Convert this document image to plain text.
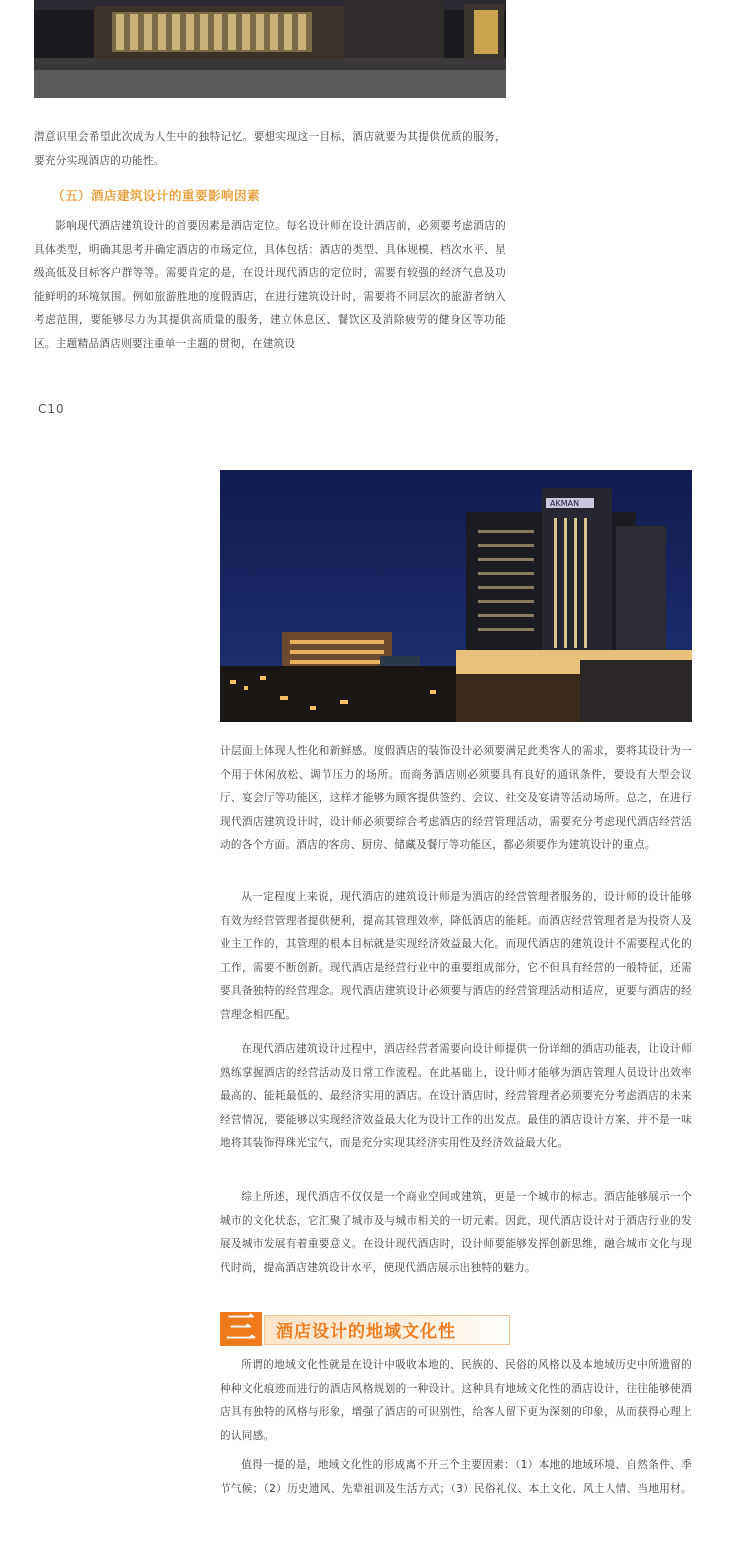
潜意识里会希望此次成为人生中的独特记忆。要想实现这一目标，酒店就要为其提供优质的服务，要充分实现酒店的功能性。

（五）酒店建筑设计的重要影响因素

影响现代酒店建筑设计的首要因素是酒店定位。每名设计师在设计酒店前，必须要考虑酒店的具体类型，明确其思考并确定酒店的市场定位，具体包括：酒店的类型、具体规模、档次水平、星级高低及目标客户群等等。需要肯定的是，在设计现代酒店的定位时，需要有较强的经济气息及功能鲜明的环境氛围。例如旅游胜地的度假酒店，在进行建筑设计时，需要将不同层次的旅游者纳入考虑范围，要能够尽力为其提供高质量的服务，建立休息区、餐饮区及消除疲劳的健身区等功能区。主题精品酒店则要注重单一主题的贯彻，在建筑设

C10
AKMAN

计层面上体现人性化和新鲜感。度假酒店的装饰设计必须要满足此类客人的需求，要将其设计为一个用于休闲放松、调节压力的场所。而商务酒店则必须要具有良好的通讯条件，要设有大型会议厅、宴会厅等功能区，这样才能够为顾客提供签约、会议、社交及宴请等活动场所。总之，在进行现代酒店建筑设计时，设计师必须要综合考虑酒店的经营管理活动，需要充分考虑现代酒店经营活动的各个方面。酒店的客房、厨房、储藏及餐厅等功能区，都必须要作为建筑设计的重点。

从一定程度上来说，现代酒店的建筑设计师是为酒店的经营管理者服务的，设计师的设计能够有效为经营管理者提供便利，提高其管理效率，降低酒店的能耗。而酒店经营管理者是为投资人及业主工作的，其管理的根本目标就是实现经济效益最大化。而现代酒店的建筑设计不需要程式化的工作，需要不断创新。现代酒店是经营行业中的重要组成部分，它不但具有经营的一般特征，还需要具备独特的经营理念。现代酒店建筑设计必须要与酒店的经营管理活动相适应，更要与酒店的经营理念相匹配。

在现代酒店建筑设计过程中，酒店经营者需要向设计师提供一份详细的酒店功能表，让设计师熟练掌握酒店的经营活动及日常工作流程。在此基础上，设计师才能够为酒店管理人员设计出效率最高的、能耗最低的、最经济实用的酒店。在设计酒店时，经营管理者必须要充分考虑酒店的未来经营情况，要能够以实现经济效益最大化为设计工作的出发点。最佳的酒店设计方案，并不是一味地将其装饰得珠光宝气，而是充分实现其经济实用性及经济效益最大化。

综上所述，现代酒店不仅仅是一个商业空间或建筑，更是一个城市的标志。酒店能够展示一个城市的文化状态，它汇聚了城市及与城市相关的一切元素。因此，现代酒店设计对于酒店行业的发展及城市发展有着重要意义。在设计现代酒店时，设计师要能够发挥创新思维，融合城市文化与现代时尚，提高酒店建筑设计水平，使现代酒店展示出独特的魅力。

三	酒店设计的地域文化性

所谓的地域文化性就是在设计中吸收本地的、民族的、民俗的风格以及本地域历史中所遗留的种种文化痕迹而进行的酒店风格规划的一种设计。这种具有地域文化性的酒店设计，往往能够使酒店具有独特的风格与形象，增强了酒店的可识别性，给客人留下更为深刻的印象，从而获得心理上的认同感。

值得一提的是，地域文化性的形成离不开三个主要因素：（1）本地的地域环境、自然条件、季节气候；（2）历史遗风、先辈祖训及生活方式；（3）民俗礼仪、本土文化、风土人情、当地用材。
